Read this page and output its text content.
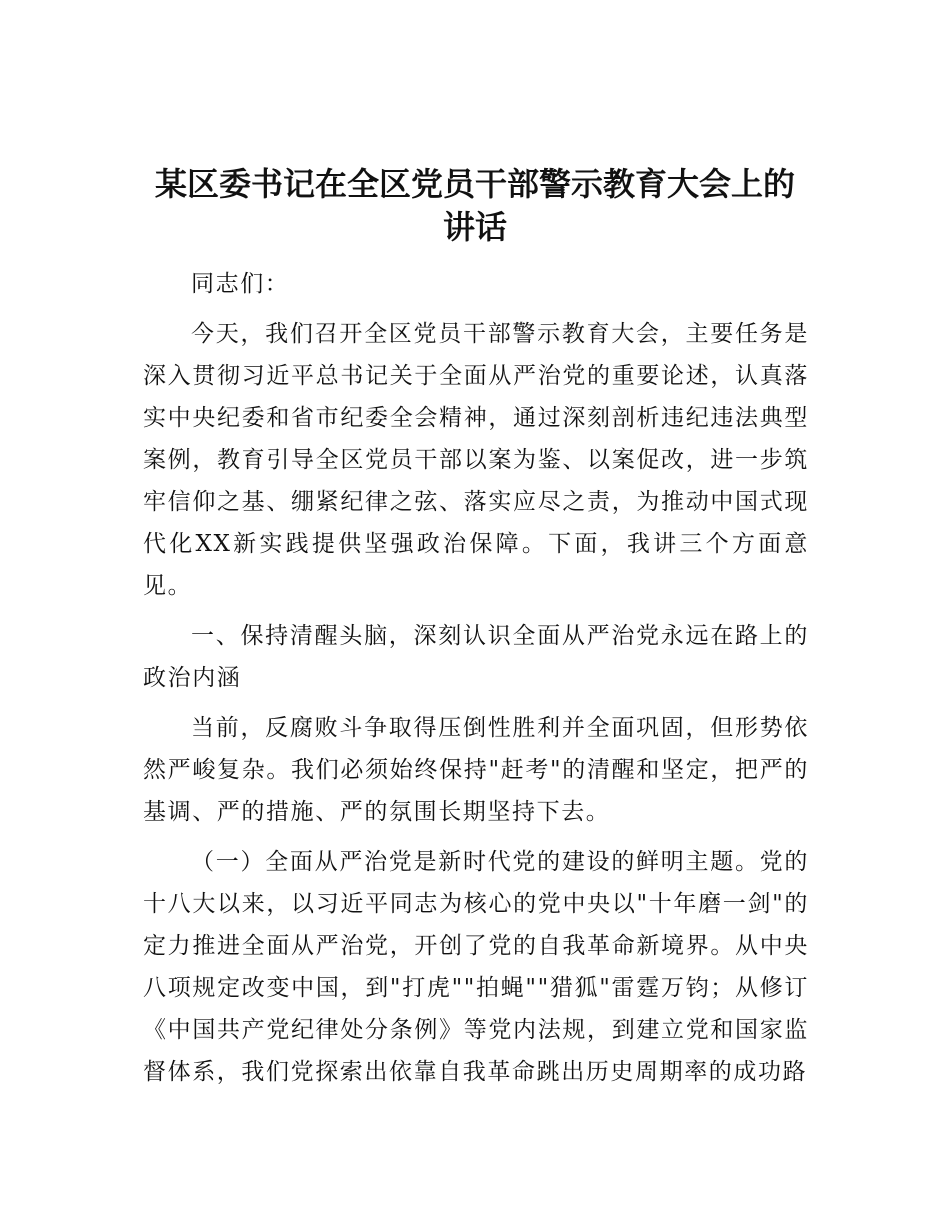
某区委书记在全区党员干部警示教育大会上的讲话

同志们：

今天，我们召开全区党员干部警示教育大会，主要任务是深入贯彻习近平总书记关于全面从严治党的重要论述，认真落实中央纪委和省市纪委全会精神，通过深刻剖析违纪违法典型案例，教育引导全区党员干部以案为鉴、以案促改，进一步筑牢信仰之基、绷紧纪律之弦、落实应尽之责，为推动中国式现代化XX新实践提供坚强政治保障。下面，我讲三个方面意见。

一、保持清醒头脑，深刻认识全面从严治党永远在路上的政治内涵

当前，反腐败斗争取得压倒性胜利并全面巩固，但形势依然严峻复杂。我们必须始终保持"赶考"的清醒和坚定，把严的基调、严的措施、严的氛围长期坚持下去。

（一）全面从严治党是新时代党的建设的鲜明主题。党的十八大以来，以习近平同志为核心的党中央以"十年磨一剑"的定力推进全面从严治党，开创了党的自我革命新境界。从中央八项规定改变中国，到"打虎""拍蝇""猎狐"雷霆万钧；从修订《中国共产党纪律处分条例》等党内法规，到建立党和国家监督体系，我们党探索出依靠自我革命跳出历史周期率的成功路
